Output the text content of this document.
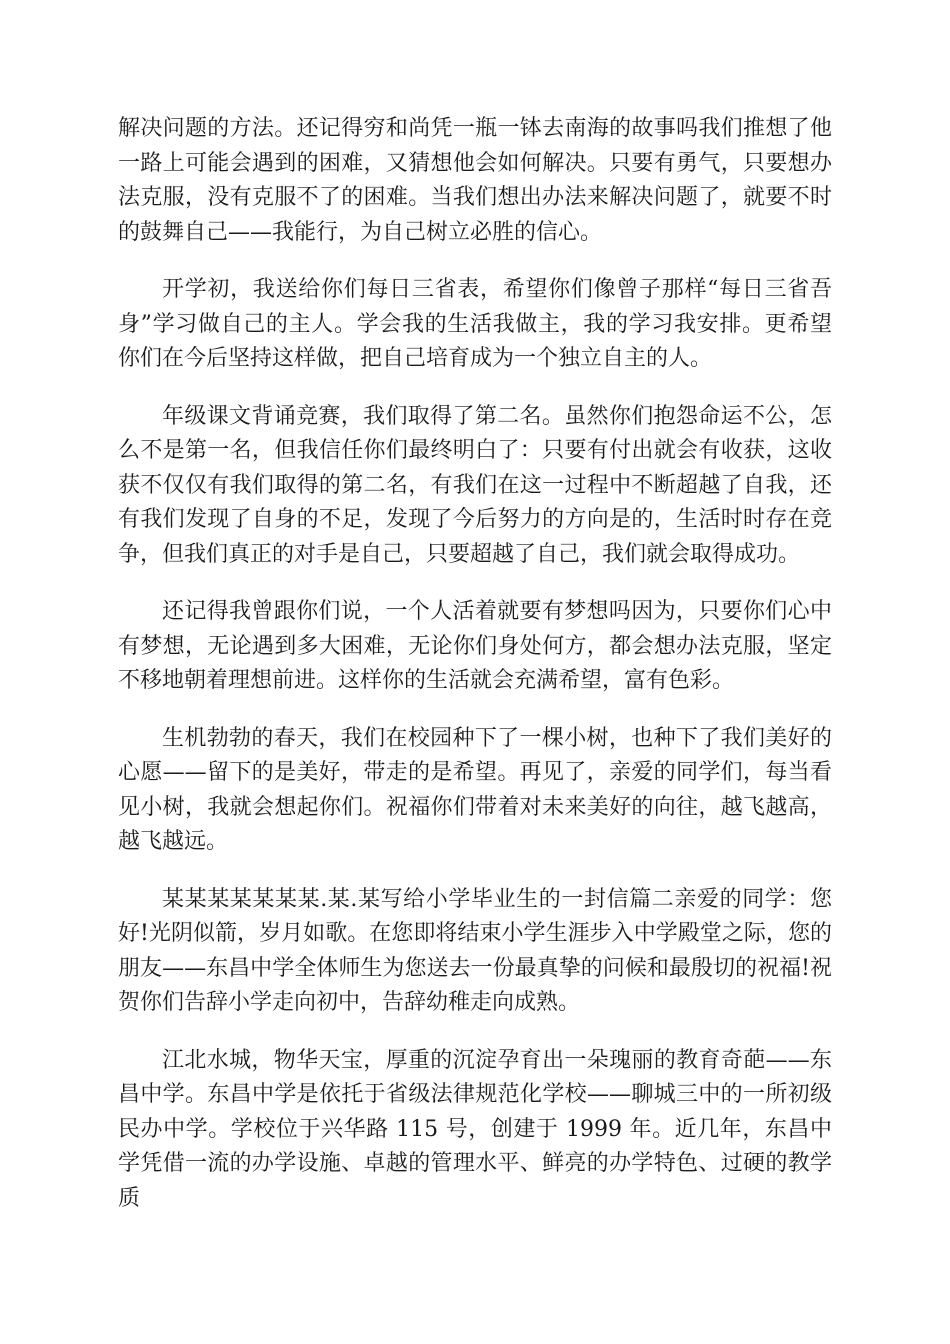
解决问题的方法。还记得穷和尚凭一瓶一钵去南海的故事吗我们推想了他一路上可能会遇到的困难，又猜想他会如何解决。只要有勇气，只要想办法克服，没有克服不了的困难。当我们想出办法来解决问题了，就要不时的鼓舞自己——我能行，为自己树立必胜的信心。

开学初，我送给你们每日三省表，希望你们像曾子那样“每日三省吾身”学习做自己的主人。学会我的生活我做主，我的学习我安排。更希望你们在今后坚持这样做，把自己培育成为一个独立自主的人。

年级课文背诵竞赛，我们取得了第二名。虽然你们抱怨命运不公，怎么不是第一名，但我信任你们最终明白了：只要有付出就会有收获，这收获不仅仅有我们取得的第二名，有我们在这一过程中不断超越了自我，还有我们发现了自身的不足，发现了今后努力的方向是的，生活时时存在竞争，但我们真正的对手是自己，只要超越了自己，我们就会取得成功。

还记得我曾跟你们说，一个人活着就要有梦想吗因为，只要你们心中有梦想，无论遇到多大困难，无论你们身处何方，都会想办法克服，坚定不移地朝着理想前进。这样你的生活就会充满希望，富有色彩。

生机勃勃的春天，我们在校园种下了一棵小树，也种下了我们美好的心愿——留下的是美好，带走的是希望。再见了，亲爱的同学们，每当看见小树，我就会想起你们。祝福你们带着对未来美好的向往，越飞越高，越飞越远。

某某某某某某某.某.某写给小学毕业生的一封信篇二亲爱的同学：您好!光阴似箭，岁月如歌。在您即将结束小学生涯步入中学殿堂之际，您的朋友——东昌中学全体师生为您送去一份最真挚的问候和最殷切的祝福!祝贺你们告辞小学走向初中，告辞幼稚走向成熟。

江北水城，物华天宝，厚重的沉淀孕育出一朵瑰丽的教育奇葩——东昌中学。东昌中学是依托于省级法律规范化学校——聊城三中的一所初级民办中学。学校位于兴华路 115 号，创建于 1999 年。近几年，东昌中学凭借一流的办学设施、卓越的管理水平、鲜亮的办学特色、过硬的教学质
